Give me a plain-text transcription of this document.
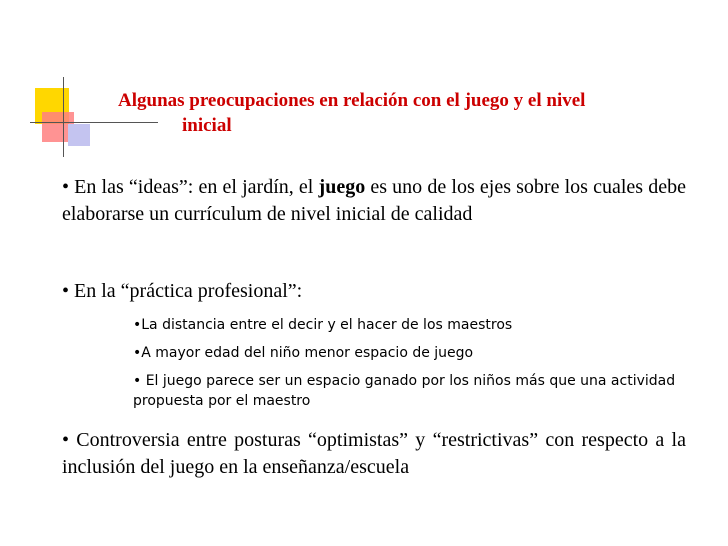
Algunas preocupaciones en relación con el juego y el nivel
inicial
• En las “ideas”: en el jardín, el juego es uno de los ejes sobre los cuales debe elaborarse un currículum de nivel inicial de calidad
• En la “práctica profesional”:
•La distancia entre el decir y el hacer de los maestros
•A mayor edad del niño menor espacio de juego
• El juego parece ser un espacio ganado por los niños más que una actividad propuesta por el maestro
• Controversia entre posturas “optimistas” y “restrictivas” con respecto a la inclusión del juego en la enseñanza/escuela
